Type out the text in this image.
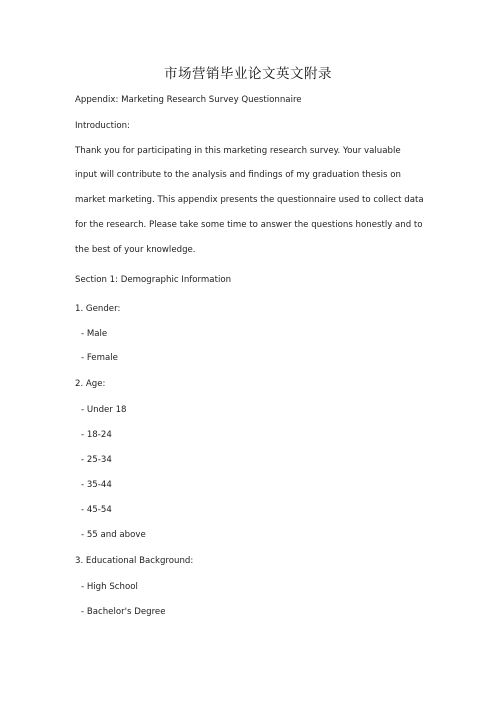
市场营销毕业论文英文附录
Appendix: Marketing Research Survey Questionnaire
Introduction:
Thank you for participating in this marketing research survey. Your valuable
input will contribute to the analysis and findings of my graduation thesis on
market marketing. This appendix presents the questionnaire used to collect data
for the research. Please take some time to answer the questions honestly and to
the best of your knowledge.
Section 1: Demographic Information
1. Gender:
- Male
- Female
2. Age:
- Under 18
- 18-24
- 25-34
- 35-44
- 45-54
- 55 and above
3. Educational Background:
- High School
- Bachelor's Degree
